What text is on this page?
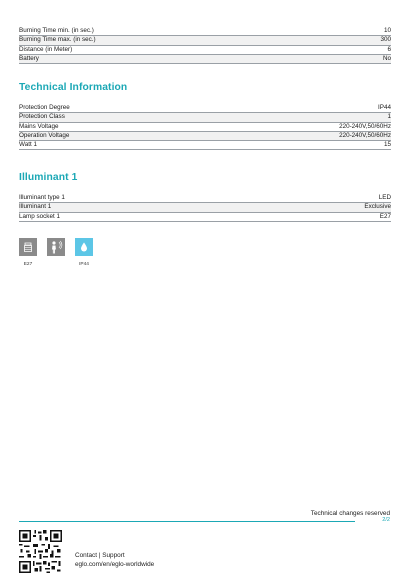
Burning Time min. (in sec.)	10
Burning Time max. (in sec.)	300
Distance (in Meter)	6
Battery	No
Technical Information
Protection Degree	IP44
Protection Class	1
Mains Voltage	220-240V,50/60Hz
Operation Voltage	220-240V,50/60Hz
Watt 1	15
Illuminant 1
Illuminant type 1	LED
Illuminant 1	Exclusive
Lamp socket 1	E27
E27	IP44
Technical changes reserved
2/2
Contact | Support
eglo.com/en/eglo-worldwide
